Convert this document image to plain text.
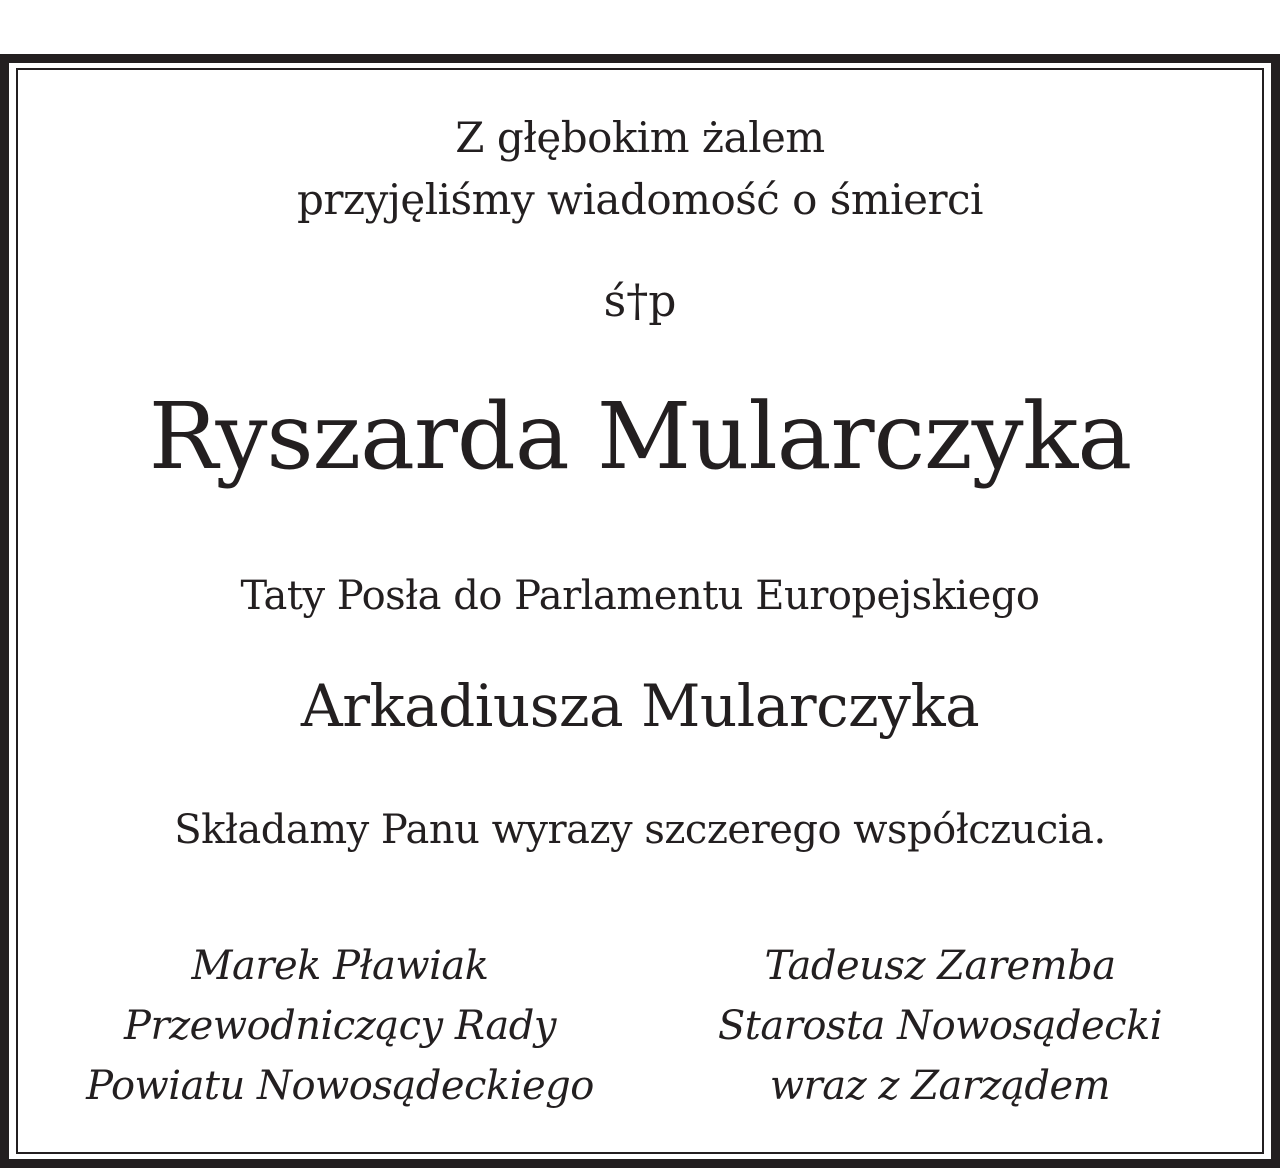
Z głębokim żalem
przyjęliśmy wiadomość o śmierci
ś†p
Ryszarda Mularczyka
Taty Posła do Parlamentu Europejskiego
Arkadiusza Mularczyka
Składamy Panu wyrazy szczerego współczucia.
Marek Pławiak
Przewodniczący Rady
Powiatu Nowosądeckiego
Tadeusz Zaremba
Starosta Nowosądecki
wraz z Zarządem
